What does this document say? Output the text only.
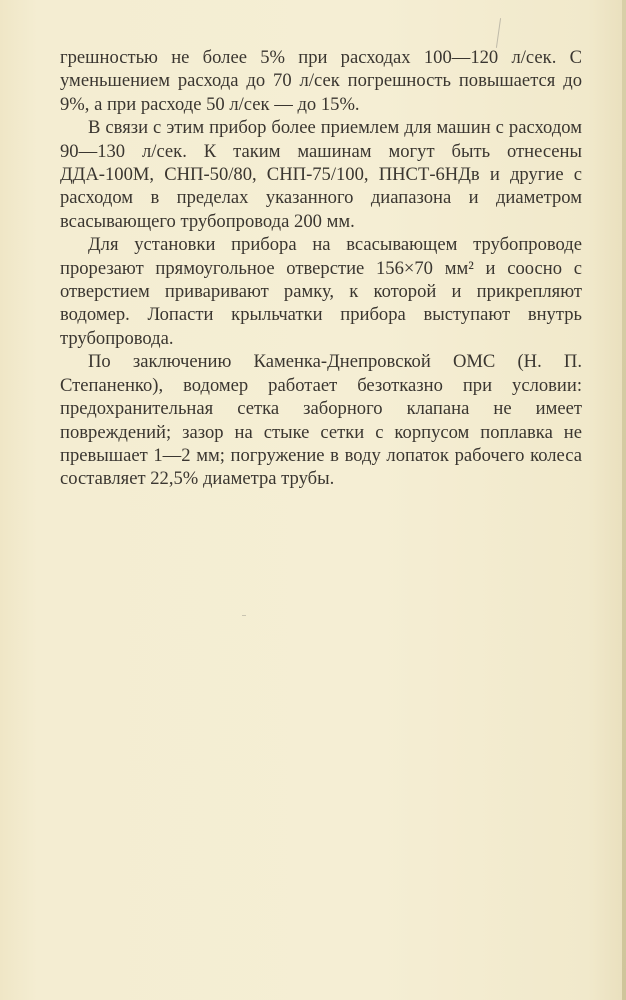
грешностью не более 5% при расходах 100—120 л/сек. С уменьшением расхода до 70 л/сек погрешность повышается до 9%, а при расходе 50 л/сек — до 15%.

В связи с этим прибор более приемлем для машин с расходом 90—130 л/сек. К таким машинам могут быть отнесены ДДА-100М, СНП-50/80, СНП-75/100, ПНСТ-6НДв и другие с расходом в пределах указанного диапазона и диаметром всасывающего трубопровода 200 мм.

Для установки прибора на всасывающем трубопроводе прорезают прямоугольное отверстие 156×70 мм² и соосно с отверстием приваривают рамку, к которой и прикрепляют водомер. Лопасти крыльчатки прибора выступают внутрь трубопровода.

По заключению Каменка-Днепровской ОМС (Н. П. Степаненко), водомер работает безотказно при условии: предохранительная сетка заборного клапана не имеет повреждений; зазор на стыке сетки с корпусом поплавка не превышает 1—2 мм; погружение в воду лопаток рабочего колеса составляет 22,5% диаметра трубы.
